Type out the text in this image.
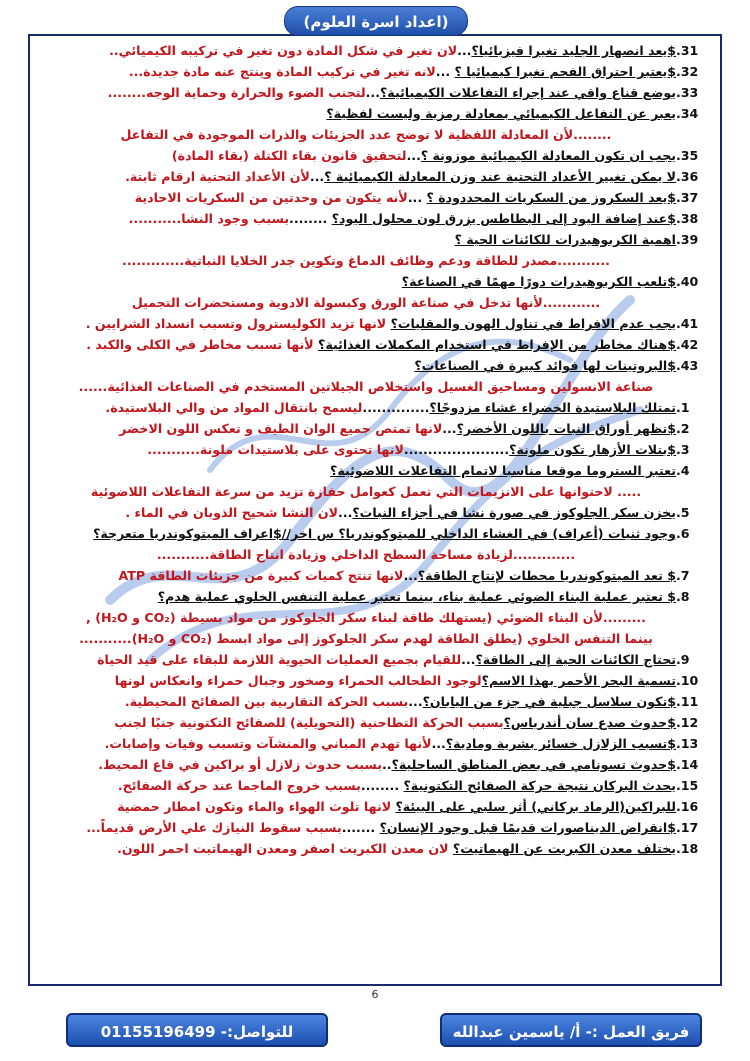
(اعداد اسرة العلوم)
31.
$يعد انصهار الجليد تغيرا فيزيائيا؟...لان تغير في شكل المادة دون تغير في تركيبه الكيميائي..
32.
$يعتبر احتراق الفحم تغيرا كيميائيا ؟ ...لانه تغير في تركيب المادة وينتج عنه مادة جديدة...
33.
يوضع قناع واقي عند إجراء التفاعلات الكيميائية؟...لتجنب الضوء والحرارة وحماية الوجه........
34.
يعبر عن التفاعل الكيميائي بمعادلة رمزية وليست لفظية؟
........لأن المعادلة اللفظية لا توضح عدد الجزيئات والذرات الموجودة في التفاعل
35.
يجب ان تكون المعادلة الكيميائية موزونة ؟...لتحقيق قانون بقاء الكتلة (بقاء المادة)
36.
لا يمكن تغيير الأعداد التحتية عند وزن المعادلة الكيميائية ؟...لأن الأعداد التحتية ارقام ثابتة.
37.
$يعد السكروز من السكريات المحددودة ؟ ...لأنه يتكون من وحدتين من السكريات الاحادية
38.
$عند إضافة اليود إلى البطاطس يزرق لون محلول اليود؟ ........بسبب وجود النشا...........
39.
اهمية الكربوهيدرات للكائنات الحية ؟
...........مصدر للطاقة ودعم وظائف الدماغ وتكوين جدر الخلايا النباتية.............
40.
$تلعب الكربوهيدرات دورًا مهمًا في الصناعة؟
............لأنها تدخل في صناعة الورق وكبسولة الادوية ومستحضرات التجميل
41.
يجب عدم الافراط في تناول الهون والمقليات؟ لانها تزيد الكوليسترول وتسبب انسداد الشرايين .
42.
$هناك مخاطر من الإفراط في استخدام المكملات الغذائية؟ لأنها تسبب مخاطر في الكلى والكبد .
43.
$البروتينات لها فوائد كبيرة في الصناعات؟
صناعة الانسولين ومساحيق الغسيل واستخلاص الجيلاتين المستخدم في الصناعات الغذائية......
1.
تمتلك البلاستيدة الخضراء غشاء مزدوجًا؟..............ليسمح بانتقال المواد من والي البلاستيدة.
2.
$تظهر أوراق النبات باللون الأخضر؟...لانها تمتص جميع الوان الطيف و تعكس اللون الاخضر
3.
$بتلات الأزهار تكون ملونة؟......................لانها تحتوى على بلاستيدات ملونة...........
4.
تعتبر الستروما موقعا مناسبا لاتمام التفاعلات اللاضوئية؟
..... لاحتوانها على الانزيمات التي تعمل كعوامل حفازة تزيد من سرعة التفاعلات اللاضوئية
5.
يخزن سكر الجلوكوز في صورة نشا في أجزاء النبات؟...لان النشا شحيح الذوبان في الماء .
6.
وجود ثنيات (أعراف) في الغشاء الداخلي للميتوكوندريا؟ س اخر//$اعراف الميتوكوندريا متعرجة؟
.............لزيادة مساحة السطح الداخلي وزيادة انتاج الطاقة...........
7.
$ تعد الميتوكوندريا محطات لإنتاج الطاقة؟...لانها تنتج كميات كبيرة من جزيئات الطاقة ATP
8.
$ تعتبر عملية البناء الضوئي عملية بناء، بينما تعتبر عملية التنفس الخلوي عملية هدم؟
.........لأن البناء الضوئي (يستهلك طاقة لبناء سكر الجلوكوز من مواد بسيطة (CO₂ و H₂O) ,
بينما التنفس الخلوي (يطلق الطاقة لهدم سكر الجلوكوز إلى مواد ابسط (CO₂ و H₂O)...........
9.
تحتاج الكائنات الحية إلى الطاقة؟...للقيام بجميع العمليات الحيوية اللازمة للبقاء على قيد الحياة
10.
تسمية البحر الأحمر بهذا الاسم؟لوجود الطحالب الحمراء وصخور وجبال حمراء وانعكاس لونها
11.
$تكون سلاسل جبلية في جزء من اليابان؟...بسبب الحركة التقاربية بين الصفائح المحيطية.
12.
$حدوث صدع سان أندرياس؟بسبب الحركة التطاحنية (التحويلية) للصفائح التكتونية جنبًا لجنب
13.
$تسبب الزلازل خسائر بشرية ومادية؟...لأنها تهدم المباني والمنشآت وتسبب وفيات وإصابات.
14.
$حدوث تسونامي في بعض المناطق الساحلية؟..بسبب حدوث زلازل أو براكين في قاع المحيط.
15.
يحدث البركان نتيجة حركة الصفائح التكتونية؟ ........بسبب خروج الماجما عند حركة الصفائح.
16.
للبراكين(الرماد بركاني) أثر سلبي على البيئة؟ لانها تلوث الهواء والماء وتكون امطار حمضية
17.
$انقراض الديناصورات قديمًا قبل وجود الإنسان؟ .......بسبب سقوط النيازك علي الأرض قديماً...
18.
يختلف معدن الكبريت عن الهيماتيت؟ لان معدن الكبريت اصفر ومعدن الهيماتيت احمر اللون.
6
للتواصل:- 01155196499	فريق العمل :- أ/ ياسمين عبدالله
